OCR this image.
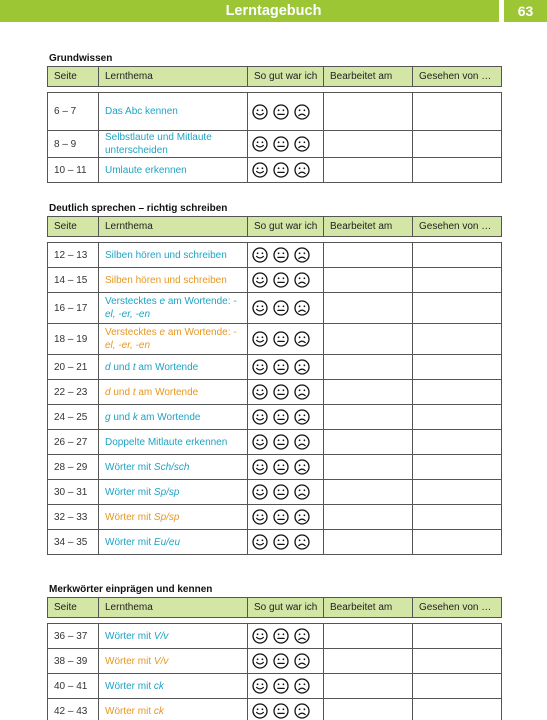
Lerntagebuch	63
Grundwissen
Seite	Lernthema	So gut war ich	Bearbeitet am	Gesehen von …

6 – 7	Das Abc kennen	

8 – 9	Selbstlaute und Mitlaute unterscheiden	

10 – 11	Umlaute erkennen	

Deutlich sprechen – richtig schreiben
Seite	Lernthema	So gut war ich	Bearbeitet am	Gesehen von …

12 – 13	Silben hören und schreiben	

14 – 15	Silben hören und schreiben	

16 – 17	Verstecktes e am Wortende: -el, -er, -en	

18 – 19	Verstecktes e am Wortende: -el, -er, -en	

20 – 21	d und t am Wortende	

22 – 23	d und t am Wortende	

24 – 25	g und k am Wortende	

26 – 27	Doppelte Mitlaute erkennen	

28 – 29	Wörter mit Sch/sch	

30 – 31	Wörter mit Sp/sp	

32 – 33	Wörter mit Sp/sp	

34 – 35	Wörter mit Eu/eu	

Merkwörter einprägen und kennen
Seite	Lernthema	So gut war ich	Bearbeitet am	Gesehen von …

36 – 37	Wörter mit V/v	

38 – 39	Wörter mit V/v	

40 – 41	Wörter mit ck	

42 – 43	Wörter mit ck	
